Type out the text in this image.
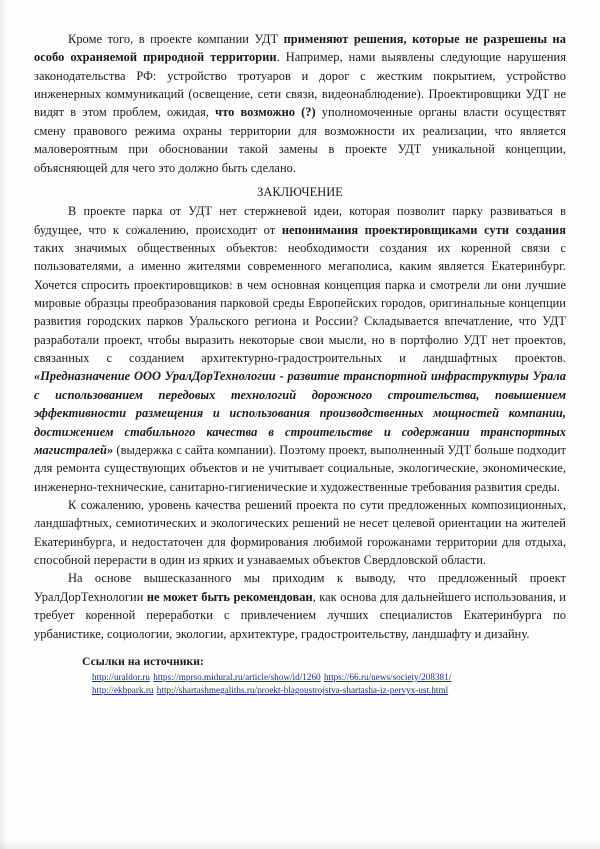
Кроме того, в проекте компании УДТ применяют решения, которые не разрешены на особо охраняемой природной территории. Например, нами выявлены следующие нарушения законодательства РФ: устройство тротуаров и дорог с жестким покрытием, устройство инженерных коммуникаций (освещение, сети связи, видеонаблюдение). Проектировщики УДТ не видят в этом проблем, ожидая, что возможно (?) уполномоченные органы власти осуществят смену правового режима охраны территории для возможности их реализации, что является маловероятным при обосновании такой замены в проекте УДТ уникальной концепции, объясняющей для чего это должно быть сделано.

ЗАКЛЮЧЕНИЕ

В проекте парка от УДТ нет стержневой идеи, которая позволит парку развиваться в будущее, что к сожалению, происходит от непонимания проектировщиками сути создания таких значимых общественных объектов: необходимости создания их коренной связи с пользователями, а именно жителями современного мегаполиса, каким является Екатеринбург. Хочется спросить проектировщиков: в чем основная концепция парка и смотрели ли они лучшие мировые образцы преобразования парковой среды Европейских городов, оригинальные концепции развития городских парков Уральского региона и России? Складывается впечатление, что УДТ разработали проект, чтобы выразить некоторые свои мысли, но в портфолио УДТ нет проектов, связанных с созданием архитектурно-градостроительных и ландшафтных проектов. «Предназначение ООО УралДорТехнологии - развитие транспортной инфраструктуры Урала с использованием передовых технологий дорожного строительства, повышением эффективности размещения и использования производственных мощностей компании, достижением стабильного качества в строительстве и содержании транспортных магистралей» (выдержка с сайта компании). Поэтому проект, выполненный УДТ больше подходит для ремонта существующих объектов и не учитывает социальные, экологические, экономические, инженерно-технические, санитарно-гигиенические и художественные требования развития среды.

К сожалению, уровень качества решений проекта по сути предложенных композиционных, ландшафтных, семиотических и экологических решений не несет целевой ориентации на жителей Екатеринбурга, и недостаточен для формирования любимой горожанами территории для отдыха, способной перерасти в один из ярких и узнаваемых объектов Свердловской области.

На основе вышесказанного мы приходим к выводу, что предложенный проект УралДорТехнологии не может быть рекомендован, как основа для дальнейшего использования, и требует коренной переработки с привлечением лучших специалистов Екатеринбурга по урбанистике, социологии, экологии, архитектуре, градостроительству, ландшафту и дизайну.

Ссылки на источники:

http://uraldor.ru https://mprso.midural.ru/article/show/id/1260 https://66.ru/news/society/208381/
http://ekbpark.ru http://shartashmegaliths.ru/proekt-blagoustrojstva-shartasha-iz-pervyx-ust.html
